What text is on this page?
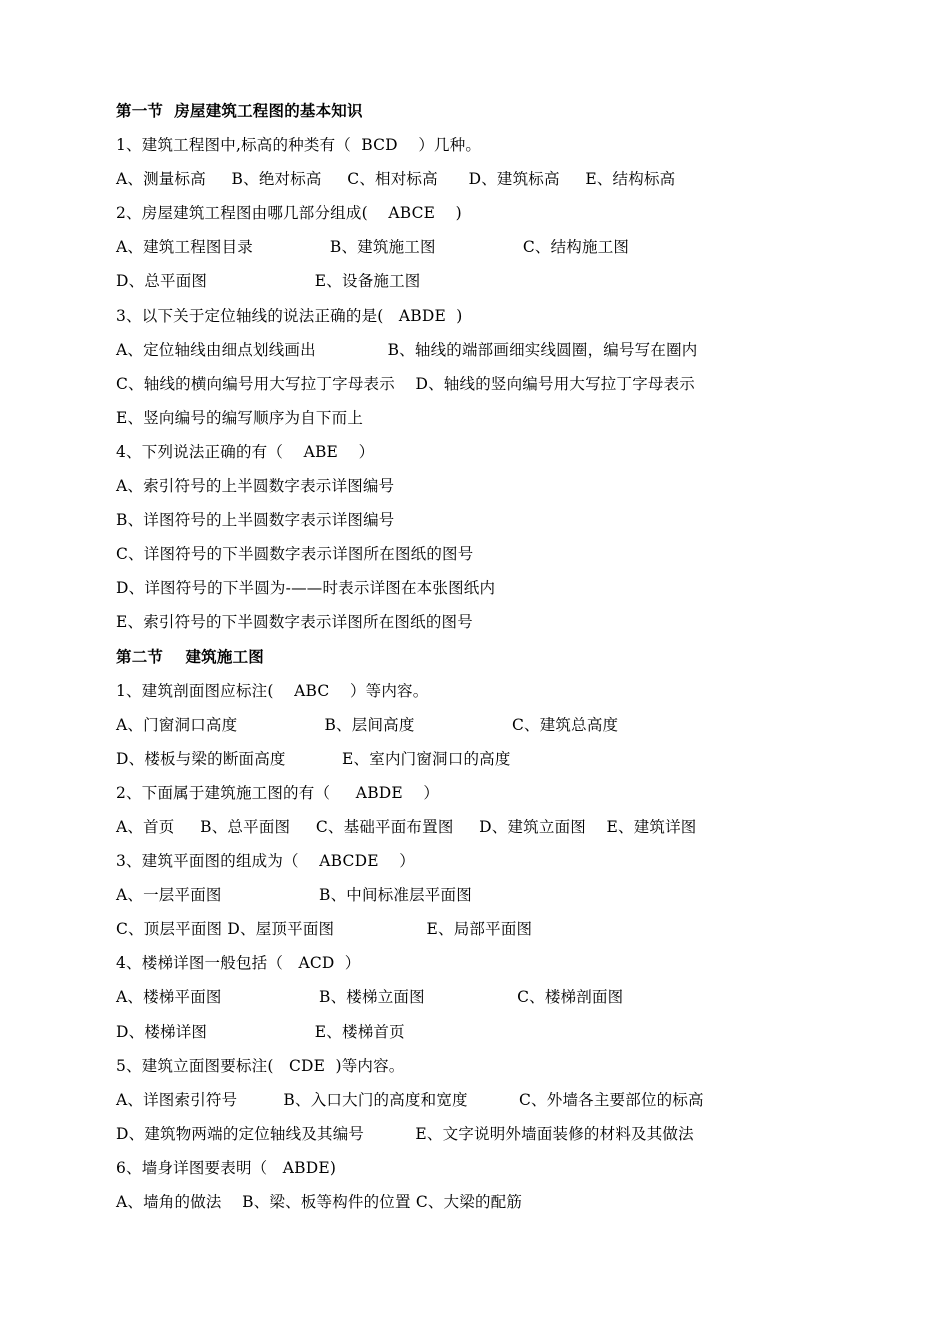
第一节  房屋建筑工程图的基本知识
1、建筑工程图中,标高的种类有（  BCD    ）几种。
A、测量标高     B、绝对标高     C、相对标高      D、建筑标高     E、结构标高
2、房屋建筑工程图由哪几部分组成(    ABCE    )
A、建筑工程图目录               B、建筑施工图                 C、结构施工图
D、总平面图                     E、设备施工图
3、以下关于定位轴线的说法正确的是(   ABDE  )
A、定位轴线由细点划线画出              B、轴线的端部画细实线圆圈，编号写在圈内
C、轴线的横向编号用大写拉丁字母表示    D、轴线的竖向编号用大写拉丁字母表示
E、竖向编号的编写顺序为自下而上
4、下列说法正确的有（    ABE    ）
A、索引符号的上半圆数字表示详图编号
B、详图符号的上半圆数字表示详图编号
C、详图符号的下半圆数字表示详图所在图纸的图号
D、详图符号的下半圆为-——时表示详图在本张图纸内
E、索引符号的下半圆数字表示详图所在图纸的图号
第二节    建筑施工图
1、建筑剖面图应标注(    ABC    ）等内容。
A、门窗洞口高度                 B、层间高度                   C、建筑总高度
D、楼板与梁的断面高度           E、室内门窗洞口的高度
2、下面属于建筑施工图的有（     ABDE    ）
A、首页     B、总平面图     C、基础平面布置图     D、建筑立面图    E、建筑详图
3、建筑平面图的组成为（    ABCDE    ）
A、一层平面图                   B、中间标准层平面图
C、顶层平面图 D、屋顶平面图                  E、局部平面图
4、楼梯详图一般包括（   ACD  ）
A、楼梯平面图                   B、楼梯立面图                  C、楼梯剖面图
D、楼梯详图                     E、楼梯首页
5、建筑立面图要标注(   CDE  )等内容。
A、详图索引符号         B、入口大门的高度和宽度          C、外墙各主要部位的标高
D、建筑物两端的定位轴线及其编号          E、文字说明外墙面装修的材料及其做法
6、墙身详图要表明（   ABDE)
A、墙角的做法    B、梁、板等构件的位置 C、大梁的配筋
